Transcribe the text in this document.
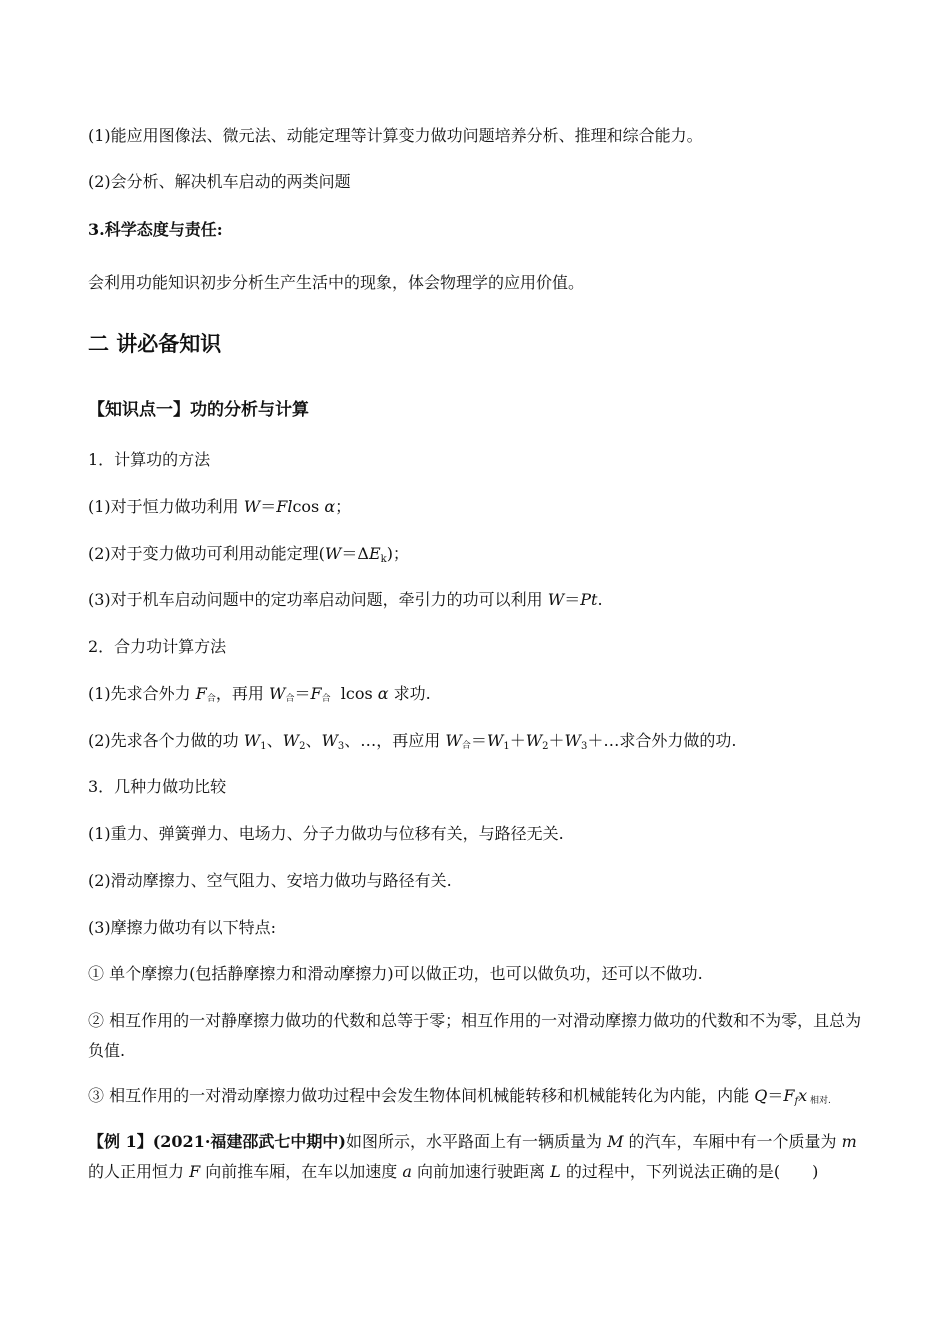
(1)能应用图像法、微元法、动能定理等计算变力做功问题培养分析、推理和综合能力。
(2)会分析、解决机车启动的两类问题
3.科学态度与责任:
会利用功能知识初步分析生产生活中的现象，体会物理学的应用价值。
二 讲必备知识
【知识点一】功的分析与计算
1．计算功的方法
(1)对于恒力做功利用 W＝Flcos α；
(2)对于变力做功可利用动能定理$(W=\Delta E_k)$；
(3)对于机车启动问题中的定功率启动问题，牵引力的功可以利用 W＝Pt.
2．合力功计算方法
(1)先求合外力 F合，再用 W合＝F合  lcos α 求功.
(2)先求各个力做的功 $W_1$、$W_2$、$W_3$、…，再应用 W合$=W_1+W_2+W_3+\dots$求合外力做的功.
3．几种力做功比较
(1)重力、弹簧弹力、电场力、分子力做功与位移有关，与路径无关.
(2)滑动摩擦力、空气阻力、安培力做功与路径有关.
(3)摩擦力做功有以下特点:
① 单个摩擦力(包括静摩擦力和滑动摩擦力)可以做正功，也可以做负功，还可以不做功.
② 相互作用的一对静摩擦力做功的代数和总等于零；相互作用的一对滑动摩擦力做功的代数和不为零，且总为负值.
③ 相互作用的一对滑动摩擦力做功过程中会发生物体间机械能转移和机械能转化为内能，内能 $Q=F_fx$ 相对.
【例 1】(2021·福建邵武七中期中)如图所示，水平路面上有一辆质量为 M 的汽车，车厢中有一个质量为 m 的人正用恒力 F 向前推车厢，在车以加速度 a 向前加速行驶距离 L 的过程中，下列说法正确的是(　　)
